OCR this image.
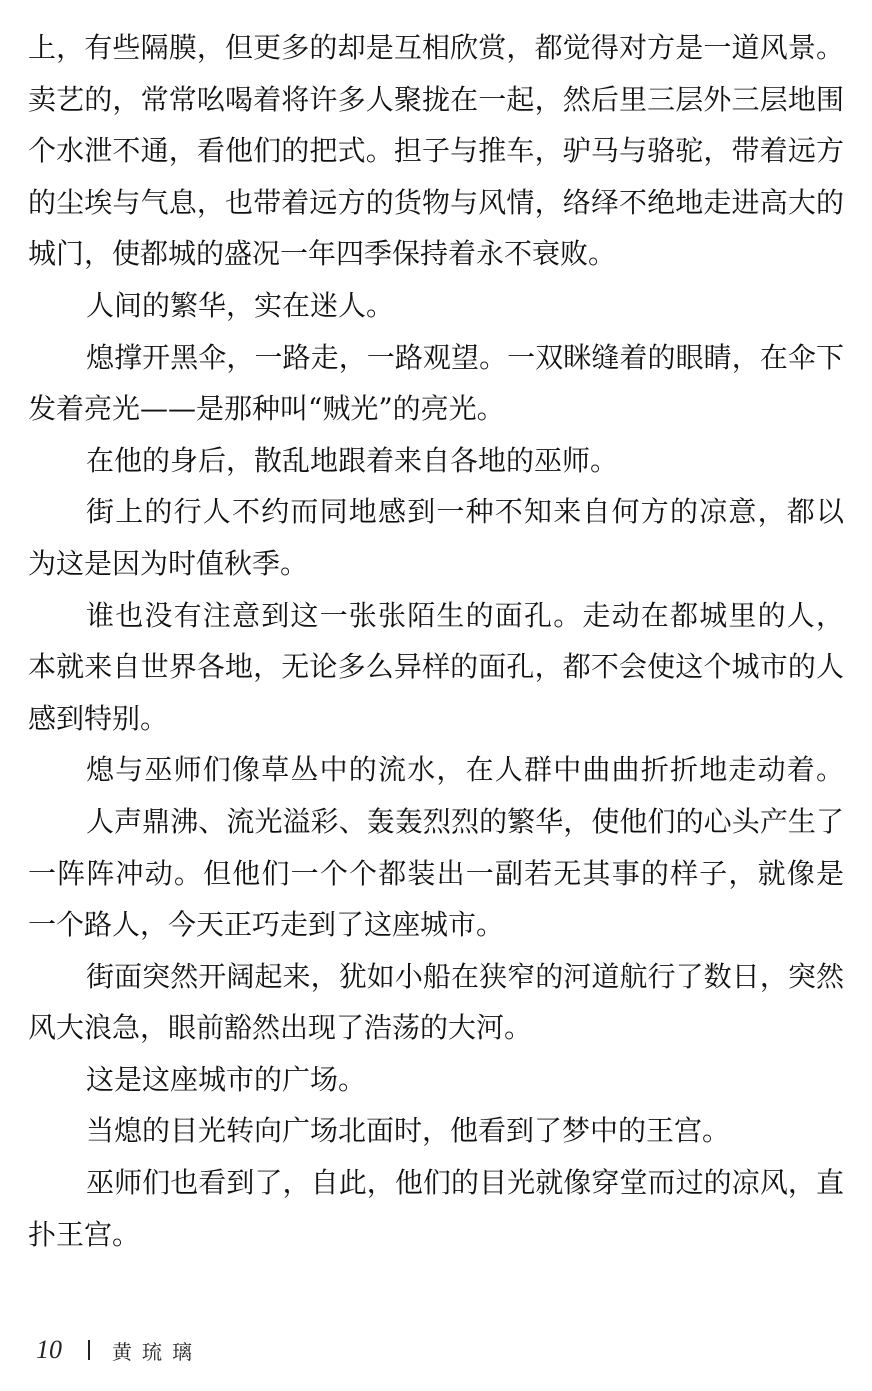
上，有些隔膜，但更多的却是互相欣赏，都觉得对方是一道风景。
卖艺的，常常吆喝着将许多人聚拢在一起，然后里三层外三层地围
个水泄不通，看他们的把式。担子与推车，驴马与骆驼，带着远方
的尘埃与气息，也带着远方的货物与风情，络绎不绝地走进高大的
城门，使都城的盛况一年四季保持着永不衰败。
人间的繁华，实在迷人。
熄撑开黑伞，一路走，一路观望。一双眯缝着的眼睛，在伞下
发着亮光——是那种叫“贼光”的亮光。
在他的身后，散乱地跟着来自各地的巫师。
街上的行人不约而同地感到一种不知来自何方的凉意，都以
为这是因为时值秋季。
谁也没有注意到这一张张陌生的面孔。走动在都城里的人，
本就来自世界各地，无论多么异样的面孔，都不会使这个城市的人
感到特别。
熄与巫师们像草丛中的流水，在人群中曲曲折折地走动着。
人声鼎沸、流光溢彩、轰轰烈烈的繁华，使他们的心头产生了
一阵阵冲动。但他们一个个都装出一副若无其事的样子，就像是
一个路人，今天正巧走到了这座城市。
街面突然开阔起来，犹如小船在狭窄的河道航行了数日，突然
风大浪急，眼前豁然出现了浩荡的大河。
这是这座城市的广场。
当熄的目光转向广场北面时，他看到了梦中的王宫。
巫师们也看到了，自此，他们的目光就像穿堂而过的凉风，直
扑王宫。
10	黄琉璃
